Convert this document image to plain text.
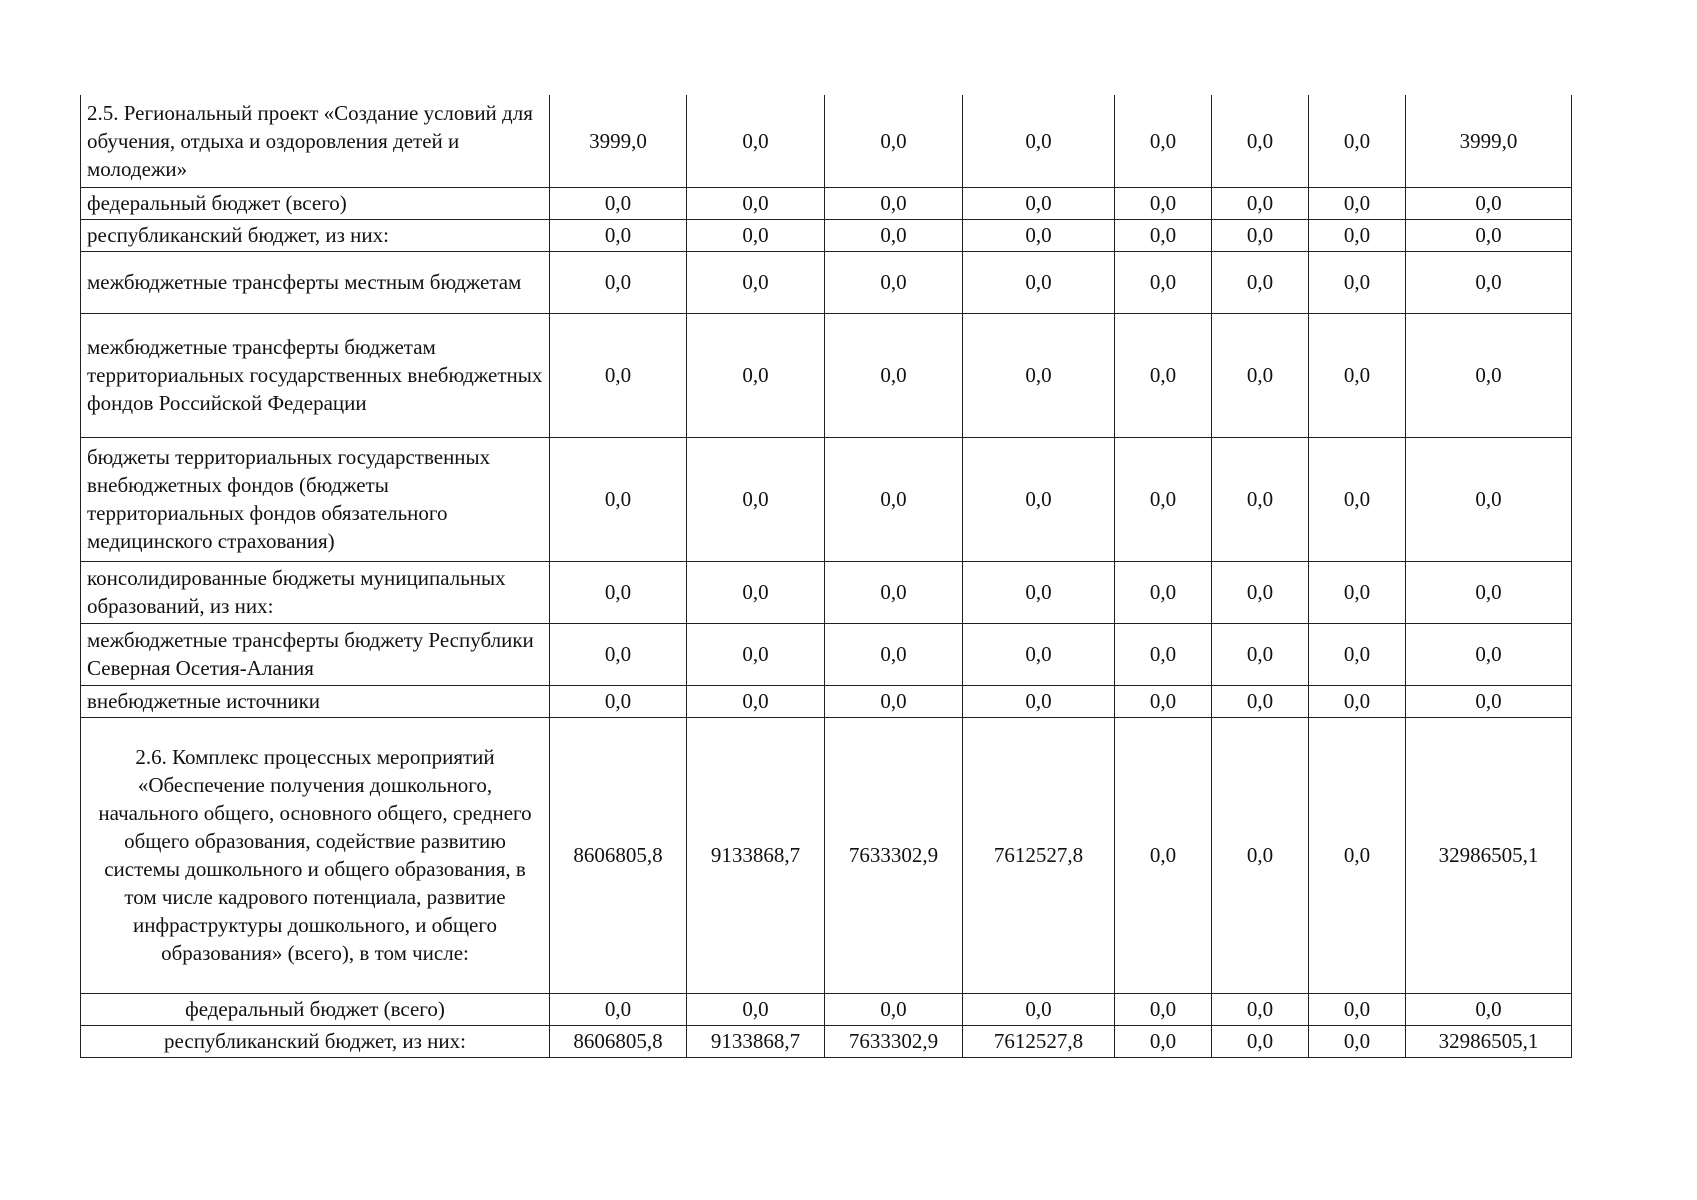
2.5. Региональный проект «Создание условий для обучения, отдыха и оздоровления детей и молодежи»	3999,0	0,0	0,0	0,0	0,0	0,0	0,0	3999,0
федеральный бюджет (всего)	0,0	0,0	0,0	0,0	0,0	0,0	0,0	0,0
республиканский бюджет, из них:	0,0	0,0	0,0	0,0	0,0	0,0	0,0	0,0
межбюджетные трансферты местным бюджетам	0,0	0,0	0,0	0,0	0,0	0,0	0,0	0,0
межбюджетные трансферты бюджетам территориальных государственных внебюджетных фондов Российской Федерации	0,0	0,0	0,0	0,0	0,0	0,0	0,0	0,0
бюджеты территориальных государственных внебюджетных фондов (бюджеты территориальных фондов обязательного медицинского страхования)	0,0	0,0	0,0	0,0	0,0	0,0	0,0	0,0
консолидированные бюджеты муниципальных образований, из них:	0,0	0,0	0,0	0,0	0,0	0,0	0,0	0,0
межбюджетные трансферты бюджету Республики Северная Осетия-Алания	0,0	0,0	0,0	0,0	0,0	0,0	0,0	0,0
внебюджетные источники	0,0	0,0	0,0	0,0	0,0	0,0	0,0	0,0
2.6. Комплекс процессных мероприятий «Обеспечение получения дошкольного, начального общего, основного общего, среднего общего образования, содействие развитию системы дошкольного и общего образования, в том числе кадрового потенциала, развитие инфраструктуры дошкольного, и общего образования» (всего), в том числе:	8606805,8	9133868,7	7633302,9	7612527,8	0,0	0,0	0,0	32986505,1
федеральный бюджет (всего)	0,0	0,0	0,0	0,0	0,0	0,0	0,0	0,0
республиканский бюджет, из них:	8606805,8	9133868,7	7633302,9	7612527,8	0,0	0,0	0,0	32986505,1
